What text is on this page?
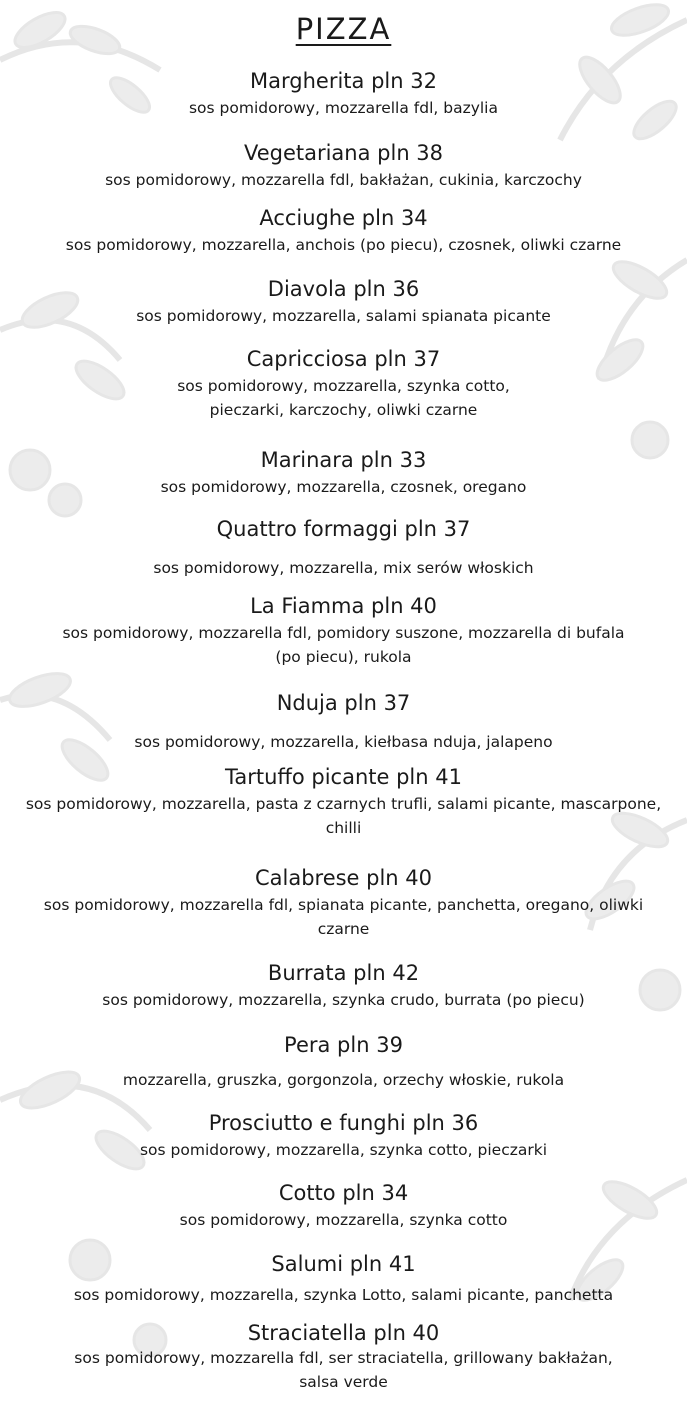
PIZZA
Margherita pln 32
sos pomidorowy, mozzarella fdl, bazylia
Vegetariana pln 38
sos pomidorowy, mozzarella fdl, bakłażan, cukinia, karczochy
Acciughe pln 34
sos pomidorowy, mozzarella, anchois (po piecu), czosnek, oliwki czarne
Diavola pln 36
sos pomidorowy, mozzarella, salami spianata picante
Capricciosa pln 37
sos pomidorowy, mozzarella, szynka cotto, pieczarki, karczochy, oliwki czarne
Marinara pln 33
sos pomidorowy, mozzarella, czosnek, oregano
Quattro formaggi pln 37
sos pomidorowy, mozzarella, mix serów włoskich
La Fiamma pln 40
sos pomidorowy, mozzarella fdl, pomidory suszone, mozzarella di bufala (po piecu), rukola
Nduja pln 37
sos pomidorowy, mozzarella, kiełbasa nduja, jalapeno
Tartuffo picante pln 41
sos pomidorowy, mozzarella, pasta z czarnych trufli, salami picante, mascarpone, chilli
Calabrese pln 40
sos pomidorowy, mozzarella fdl, spianata picante, panchetta, oregano, oliwki czarne
Burrata pln 42
sos pomidorowy, mozzarella, szynka crudo, burrata (po piecu)
Pera pln 39
mozzarella, gruszka, gorgonzola, orzechy włoskie, rukola
Prosciutto e funghi pln 36
sos pomidorowy, mozzarella, szynka cotto, pieczarki
Cotto pln 34
sos pomidorowy, mozzarella, szynka cotto
Salumi pln 41
sos pomidorowy, mozzarella, szynka Lotto, salami picante, panchetta
Straciatella pln 40
sos pomidorowy, mozzarella fdl, ser straciatella, grillowany bakłażan, salsa verde
